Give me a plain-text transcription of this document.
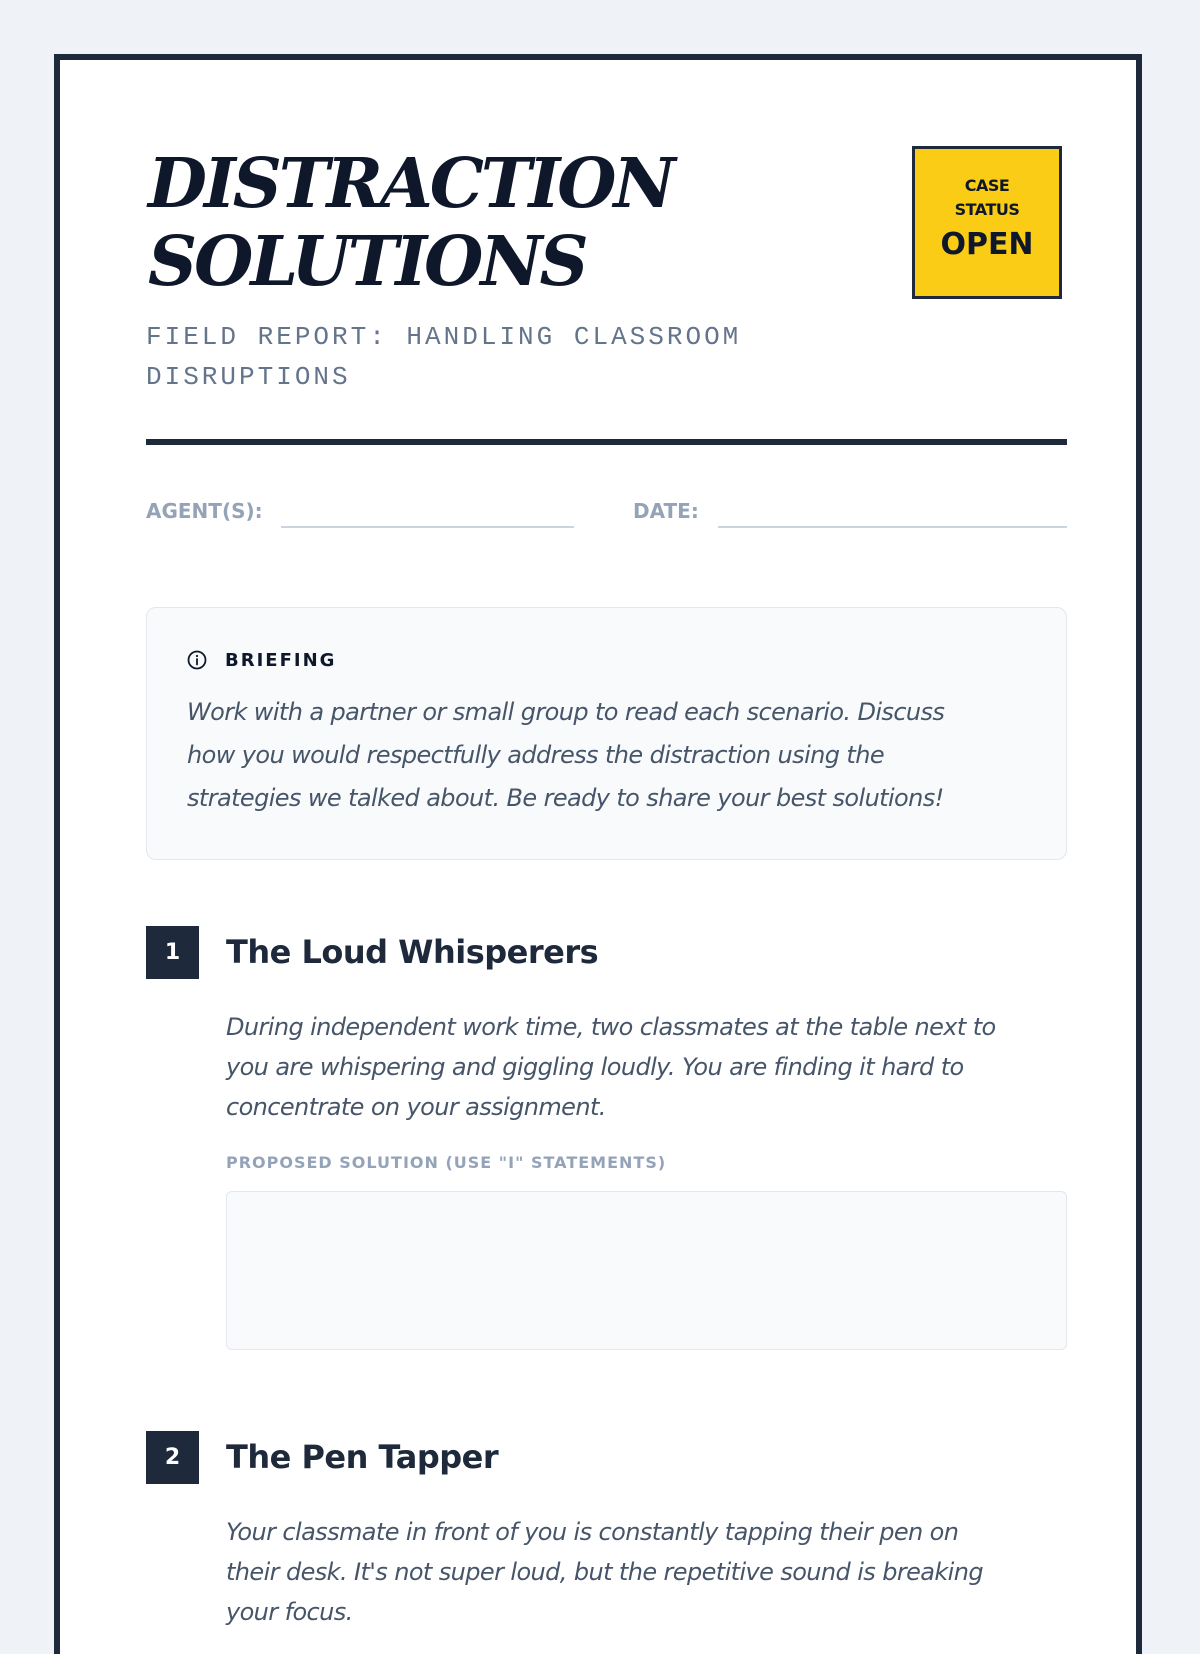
DISTRACTION
SOLUTIONS
FIELD REPORT: HANDLING CLASSROOM
DISRUPTIONS
CASE
STATUS
OPEN
AGENT(S):	DATE:
BRIEFING
Work with a partner or small group to read each scenario. Discuss
how you would respectfully address the distraction using the
strategies we talked about. Be ready to share your best solutions!
1	The Loud Whisperers
During independent work time, two classmates at the table next to
you are whispering and giggling loudly. You are finding it hard to
concentrate on your assignment.
PROPOSED SOLUTION (USE "I" STATEMENTS)
2	The Pen Tapper
Your classmate in front of you is constantly tapping their pen on
their desk. It's not super loud, but the repetitive sound is breaking
your focus.
